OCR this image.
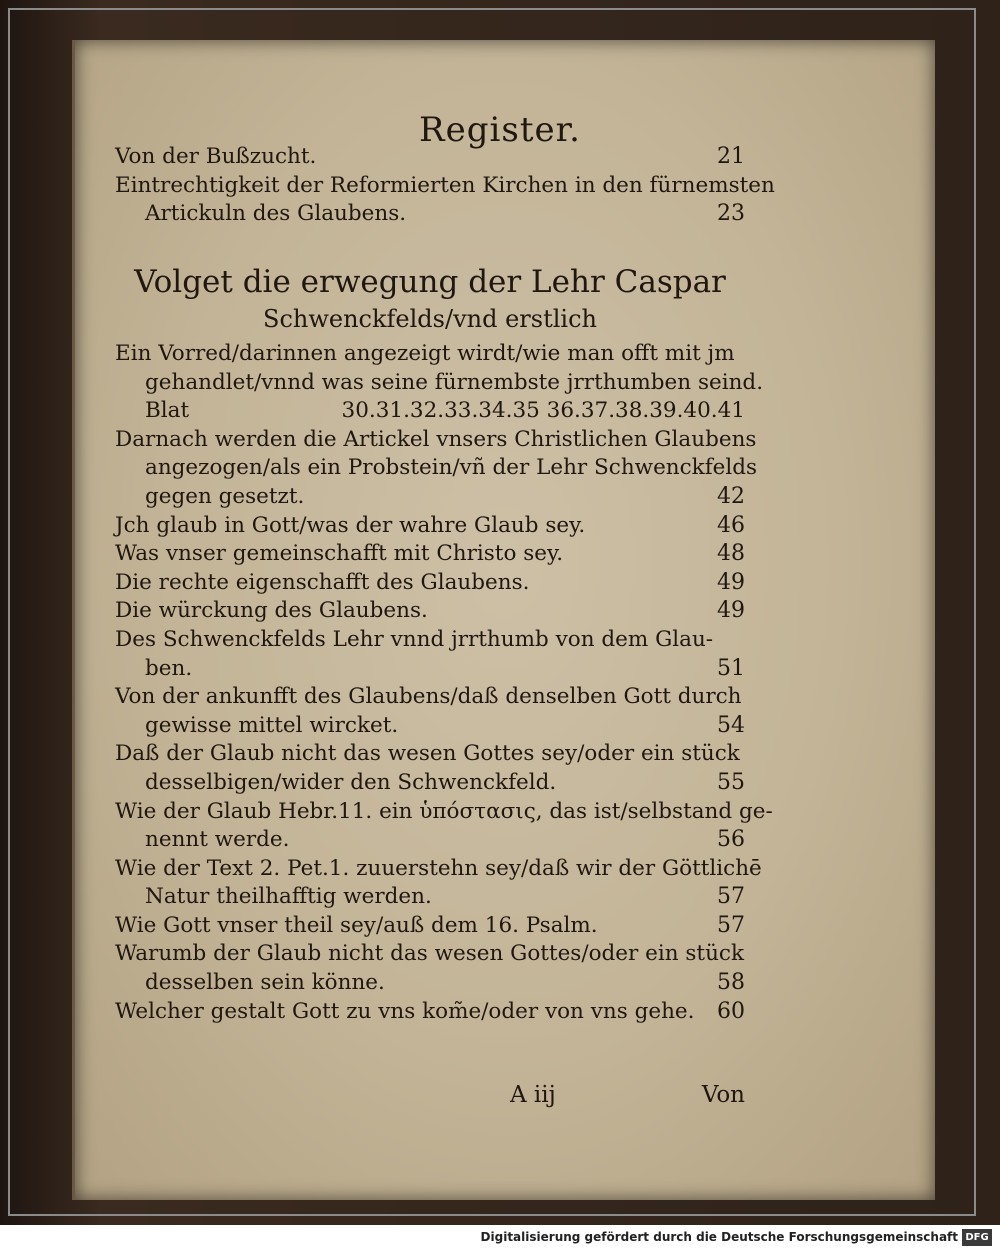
Register.
Von der Bußzucht.	21
Eintrechtigkeit der Reformierten Kirchen in den fürnemsten
Artickuln des Glaubens.	23
Volget die erwegung der Lehr Caspar
Schwenckfelds/vnd erstlich
Ein Vorred/darinnen angezeigt wirdt/wie man offt mit jm
gehandlet/vnnd was seine fürnembste jrrthumben seind.
Blat	30.31.32.33.34.35 36.37.38.39.40.41
Darnach werden die Artickel vnsers Christlichen Glaubens
angezogen/als ein Probstein/vñ der Lehr Schwenckfelds
gegen gesetzt.	42
Jch glaub in Gott/was der wahre Glaub sey.	46
Was vnser gemeinschafft mit Christo sey.	48
Die rechte eigenschafft des Glaubens.	49
Die würckung des Glaubens.	49
Des Schwenckfelds Lehr vnnd jrrthumb von dem Glau-
ben.	51
Von der ankunfft des Glaubens/daß denselben Gott durch
gewisse mittel wircket.	54
Daß der Glaub nicht das wesen Gottes sey/oder ein stück
desselbigen/wider den Schwenckfeld.	55
Wie der Glaub Hebr.11. ein ὑπόστασις, das ist/selbstand ge-
nennt werde.	56
Wie der Text 2. Pet.1. zuuerstehn sey/daß wir der Göttlichē
Natur theilhafftig werden.	57
Wie Gott vnser theil sey/auß dem 16. Psalm.	57
Warumb der Glaub nicht das wesen Gottes/oder ein stück
desselben sein könne.	58
Welcher gestalt Gott zu vns kom̃e/oder von vns gehe. 60
A iij	Von
Digitalisierung gefördert durch die Deutsche Forschungsgemeinschaft DFG
